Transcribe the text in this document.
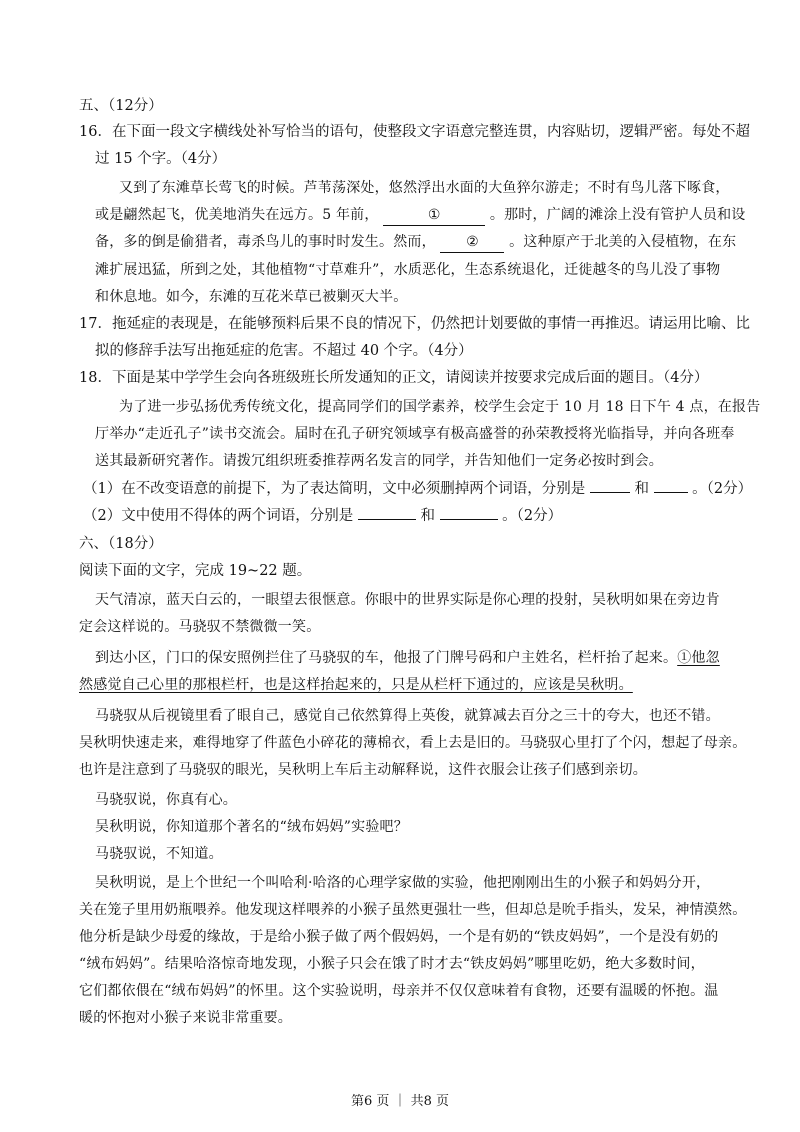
五、（12分）
16．在下面一段文字横线处补写恰当的语句，使整段文字语意完整连贯，内容贴切，逻辑严密。每处不超
过 15 个字。（4分）
又到了东滩草长莺飞的时候。芦苇荡深处，悠然浮出水面的大鱼猝尔游走；不时有鸟儿落下啄食，
或是翩然起飞，优美地消失在远方。5 年前，	①	。那时，广阔的滩涂上没有管护人员和设
备，多的倒是偷猎者，毒杀鸟儿的事时时发生。然而， ② 。这种原产于北美的入侵植物，在东
滩扩展迅猛，所到之处，其他植物“寸草难升”，水质恶化，生态系统退化，迁徙越冬的鸟儿没了事物
和休息地。如今，东滩的互花米草已被剿灭大半。
17．拖延症的表现是，在能够预料后果不良的情况下，仍然把计划要做的事情一再推迟。请运用比喻、比
拟的修辞手法写出拖延症的危害。不超过 40 个字。（4分）
18．下面是某中学学生会向各班级班长所发通知的正文，请阅读并按要求完成后面的题目。（4分）
为了进一步弘扬优秀传统文化，提高同学们的国学素养，校学生会定于 10 月 18 日下午 4 点，在报告
厅举办“走近孔子”读书交流会。届时在孔子研究领域享有极高盛誉的孙荣教授将光临指导，并向各班奉
送其最新研究著作。请拨冗组织班委推荐两名发言的同学，并告知他们一定务必按时到会。
（1）在不改变语意的前提下，为了表达简明，文中必须删掉两个词语，分别是	和	。（2分）
（2）文中使用不得体的两个词语，分别是	和	。（2分）
六、（18分）
阅读下面的文字，完成 19~22 题。
天气清凉，蓝天白云的，一眼望去很惬意。你眼中的世界实际是你心理的投射，吴秋明如果在旁边肯
定会这样说的。马骁驭不禁微微一笑。
到达小区，门口的保安照例拦住了马骁驭的车，他报了门牌号码和户主姓名，栏杆抬了起来。①他忽
然感觉自己心里的那根栏杆，也是这样抬起来的，只是从栏杆下通过的，应该是吴秋明。
马骁驭从后视镜里看了眼自己，感觉自己依然算得上英俊，就算减去百分之三十的夸大，也还不错。
吴秋明快速走来，难得地穿了件蓝色小碎花的薄棉衣，看上去是旧的。马骁驭心里打了个闪，想起了母亲。
也许是注意到了马骁驭的眼光，吴秋明上车后主动解释说，这件衣服会让孩子们感到亲切。
马骁驭说，你真有心。
吴秋明说，你知道那个著名的“绒布妈妈”实验吧？
马骁驭说，不知道。
吴秋明说，是上个世纪一个叫哈利·哈洛的心理学家做的实验，他把刚刚出生的小猴子和妈妈分开，
关在笼子里用奶瓶喂养。他发现这样喂养的小猴子虽然更强壮一些，但却总是吮手指头，发呆，神情漠然。
他分析是缺少母爱的缘故，于是给小猴子做了两个假妈妈，一个是有奶的“铁皮妈妈”，一个是没有奶的
“绒布妈妈”。结果哈洛惊奇地发现，小猴子只会在饿了时才去“铁皮妈妈”哪里吃奶，绝大多数时间，
它们都依偎在“绒布妈妈”的怀里。这个实验说明，母亲并不仅仅意味着有食物，还要有温暖的怀抱。温
暖的怀抱对小猴子来说非常重要。
第6 页 ｜ 共8 页
